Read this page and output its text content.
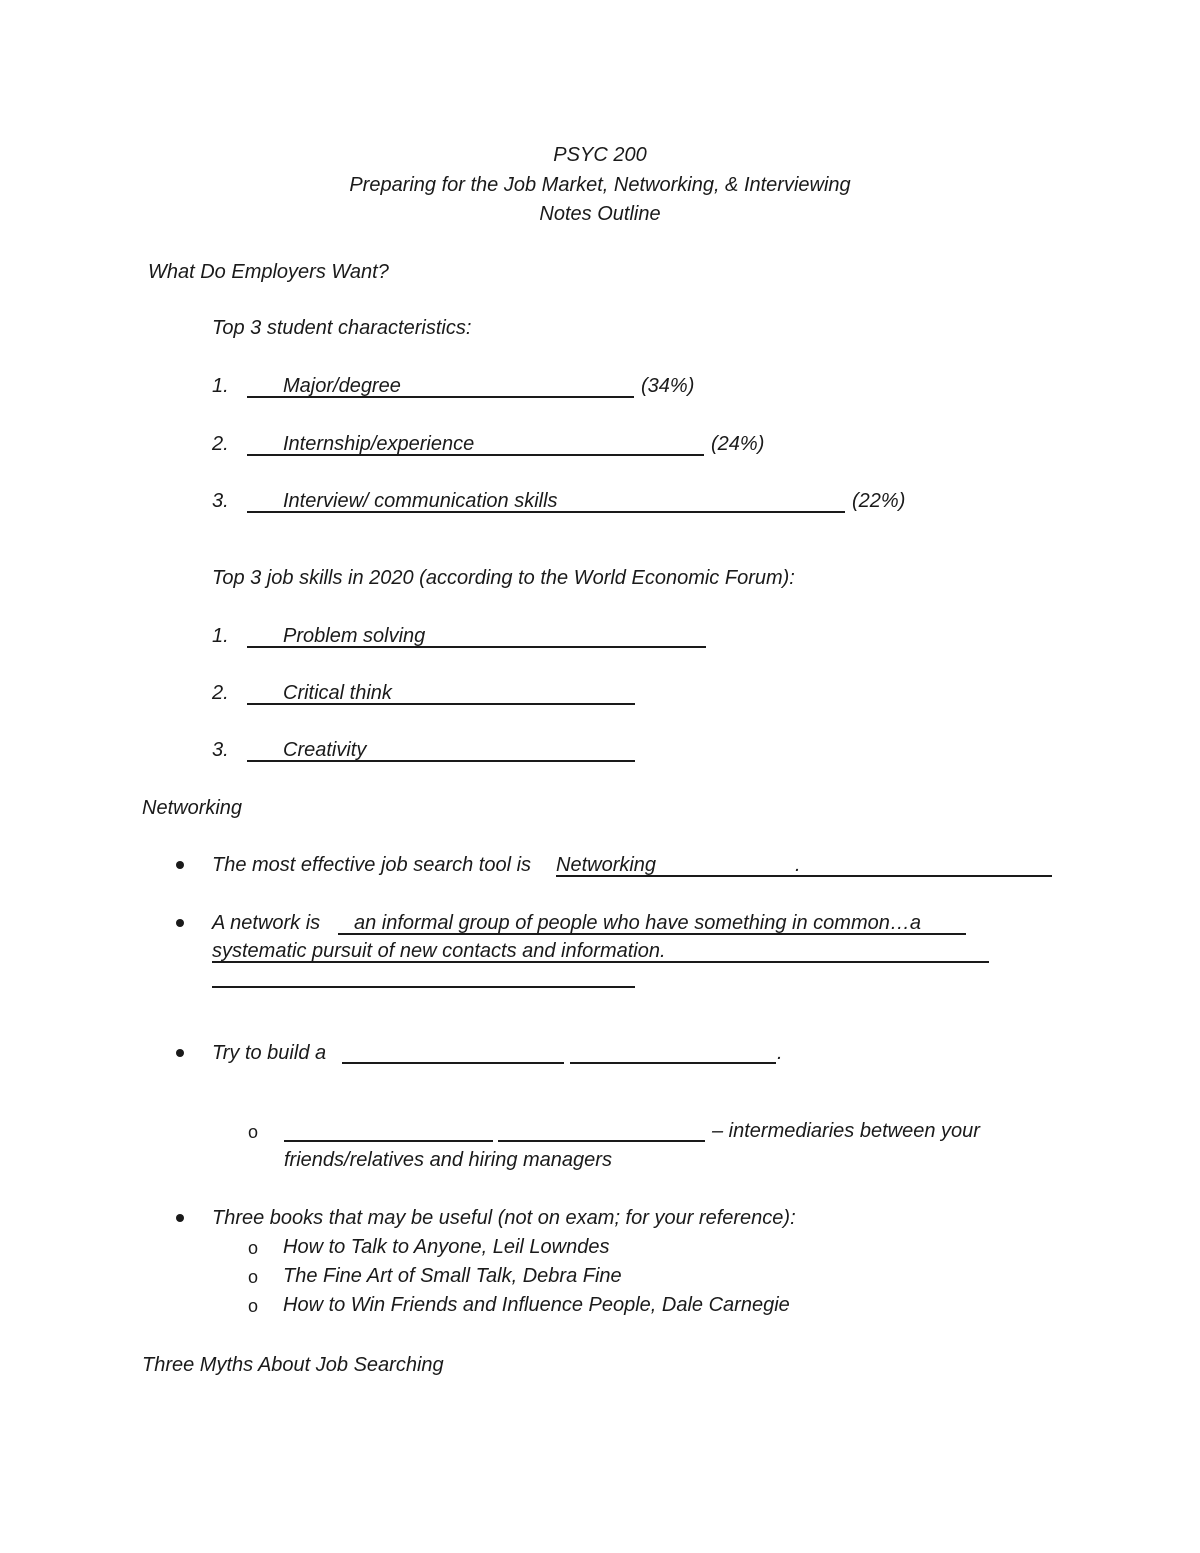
PSYC 200
Preparing for the Job Market, Networking, & Interviewing
Notes Outline
What Do Employers Want?
Top 3 student characteristics:
1.	Major/degree	(34%)
2.	Internship/experience	(24%)
3.	Interview/ communication skills	(22%)
Top 3 job skills in 2020 (according to the World Economic Forum):
1.	Problem solving
2.	Critical think
3.	Creativity
Networking
The most effective job search tool is Networking	.
A network is an informal group of people who have something in common…a
systematic pursuit of new contacts and information.
Try to build a	.
o	– intermediaries between your
friends/relatives and hiring managers
Three books that may be useful (not on exam; for your reference):
o How to Talk to Anyone, Leil Lowndes
o The Fine Art of Small Talk, Debra Fine
o How to Win Friends and Influence People, Dale Carnegie
Three Myths About Job Searching
